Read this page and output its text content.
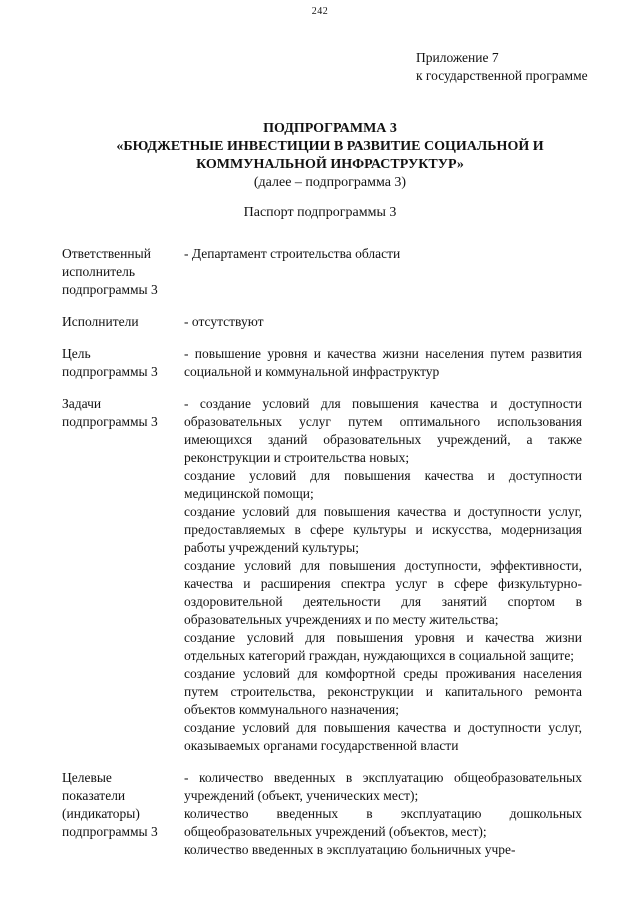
242
Приложение 7
к государственной программе
ПОДПРОГРАММА 3
«БЮДЖЕТНЫЕ ИНВЕСТИЦИИ В РАЗВИТИЕ СОЦИАЛЬНОЙ И
КОММУНАЛЬНОЙ ИНФРАСТРУКТУР»
(далее – подпрограмма 3)
Паспорт подпрограммы 3
Ответственный
исполнитель
подпрограммы 3

- Департамент строительства области

Исполнители	- отсутствуют

Цель
подпрограммы 3

- повышение уровня и качества жизни населения путем развития социальной и коммунальной инфраструктур

Задачи
подпрограммы 3

- создание условий для повышения качества и доступности образовательных услуг путем оптимального использования имеющихся зданий образовательных учреждений, а также реконструкции и строительства новых;

создание условий для повышения качества и доступности медицинской помощи;

создание условий для повышения качества и доступности услуг, предоставляемых в сфере культуры и искусства, модернизация работы учреждений культуры;

создание условий для повышения доступности, эффективности, качества и расширения спектра услуг в сфере физкультурно-оздоровительной деятельности для занятий спортом в образовательных учреждениях и по месту жительства;

создание условий для повышения уровня и качества жизни отдельных категорий граждан, нуждающихся в социальной защите;

создание условий для комфортной среды проживания населения путем строительства, реконструкции и капитального ремонта объектов коммунального назначения;

создание условий для повышения качества и доступности услуг, оказываемых органами государственной власти

Целевые
показатели
(индикаторы)
подпрограммы 3

- количество введенных в эксплуатацию общеобразовательных учреждений (объект, ученических мест);

количество введенных в эксплуатацию дошкольных общеобразовательных учреждений (объектов, мест);

количество введенных в эксплуатацию больничных учре-
